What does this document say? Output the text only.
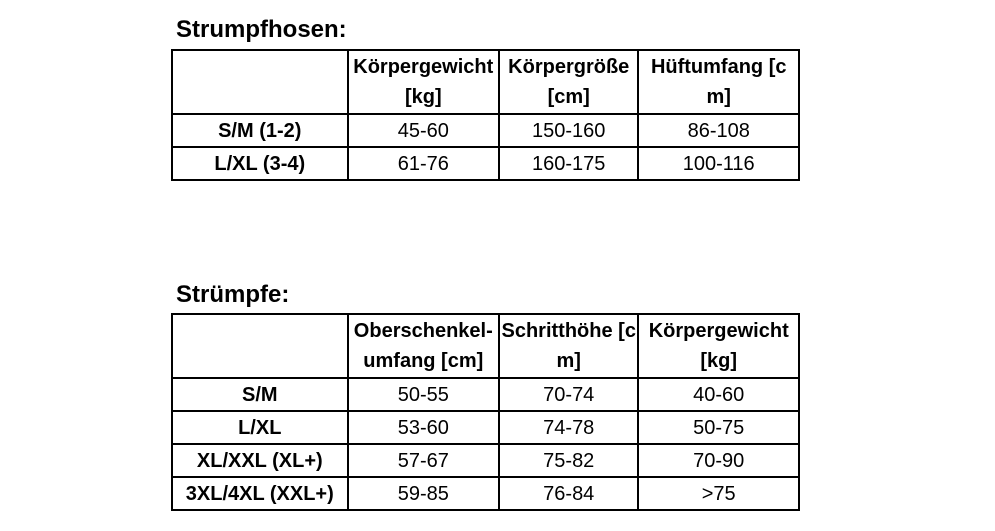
Strumpfhosen:
	Körpergewicht [kg]	Körpergröße [cm]	Hüftumfang [cm]
S/M (1-2)	45-60	150-160	86-108
L/XL (3-4)	61-76	160-175	100-116
Strümpfe:
	Oberschenkel-umfang [cm]	Schritthöhe [cm]	Körpergewicht [kg]
S/M	50-55	70-74	40-60
L/XL	53-60	74-78	50-75
XL/XXL (XL+)	57-67	75-82	70-90
3XL/4XL (XXL+)	59-85	76-84	>75
